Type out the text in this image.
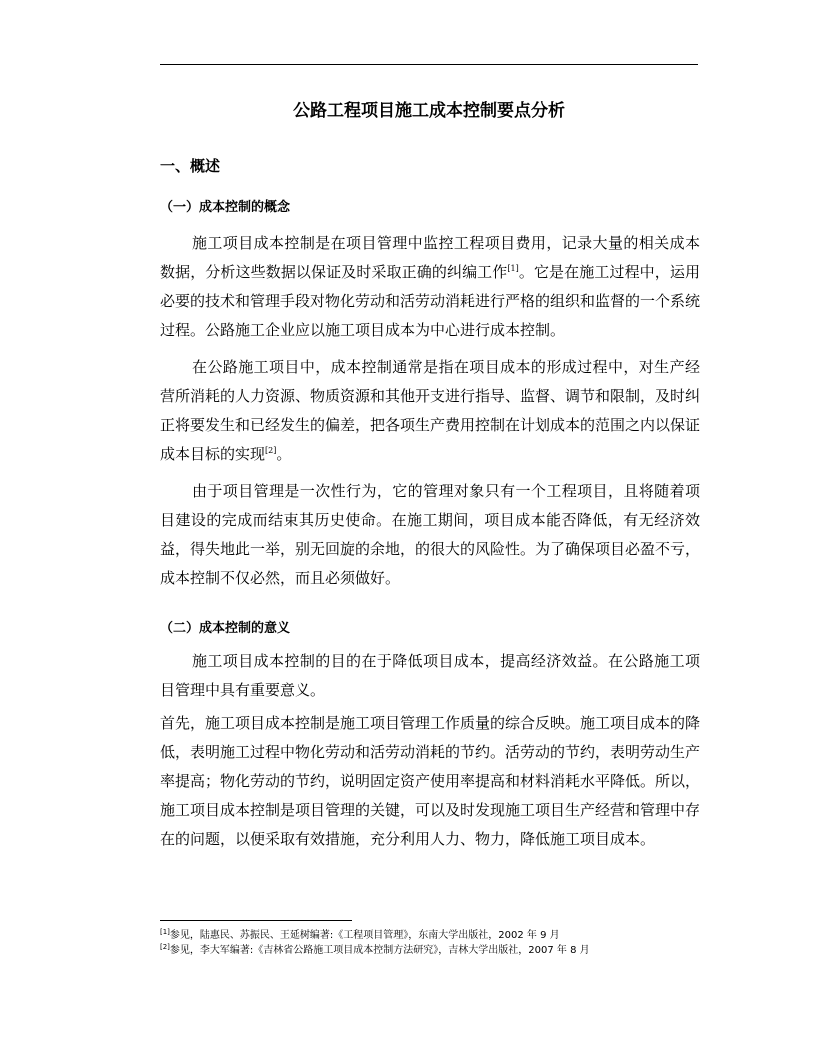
公路工程项目施工成本控制要点分析
一、概述
（一）成本控制的概念
施工项目成本控制是在项目管理中监控工程项目费用，记录大量的相关成本数据，分析这些数据以保证及时采取正确的纠编工作[1]。它是在施工过程中，运用必要的技术和管理手段对物化劳动和活劳动消耗进行严格的组织和监督的一个系统过程。公路施工企业应以施工项目成本为中心进行成本控制。
在公路施工项目中，成本控制通常是指在项目成本的形成过程中，对生产经营所消耗的人力资源、物质资源和其他开支进行指导、监督、调节和限制，及时纠正将要发生和已经发生的偏差，把各项生产费用控制在计划成本的范围之内以保证成本目标的实现[2]。
由于项目管理是一次性行为，它的管理对象只有一个工程项目，且将随着项目建设的完成而结束其历史使命。在施工期间，项目成本能否降低，有无经济效益，得失地此一举，别无回旋的余地，的很大的风险性。为了确保项目必盈不亏，成本控制不仅必然，而且必须做好。
（二）成本控制的意义
施工项目成本控制的目的在于降低项目成本，提高经济效益。在公路施工项目管理中具有重要意义。
首先，施工项目成本控制是施工项目管理工作质量的综合反映。施工项目成本的降低，表明施工过程中物化劳动和活劳动消耗的节约。活劳动的节约，表明劳动生产率提高；物化劳动的节约，说明固定资产使用率提高和材料消耗水平降低。所以，施工项目成本控制是项目管理的关键，可以及时发现施工项目生产经营和管理中存在的问题，以便采取有效措施，充分利用人力、物力，降低施工项目成本。
[1]参见，陆惠民、苏振民、王延树编著:《工程项目管理》，东南大学出版社，2002 年 9 月
[2]参见，李大军编著:《吉林省公路施工项目成本控制方法研究》，吉林大学出版社，2007 年 8 月
